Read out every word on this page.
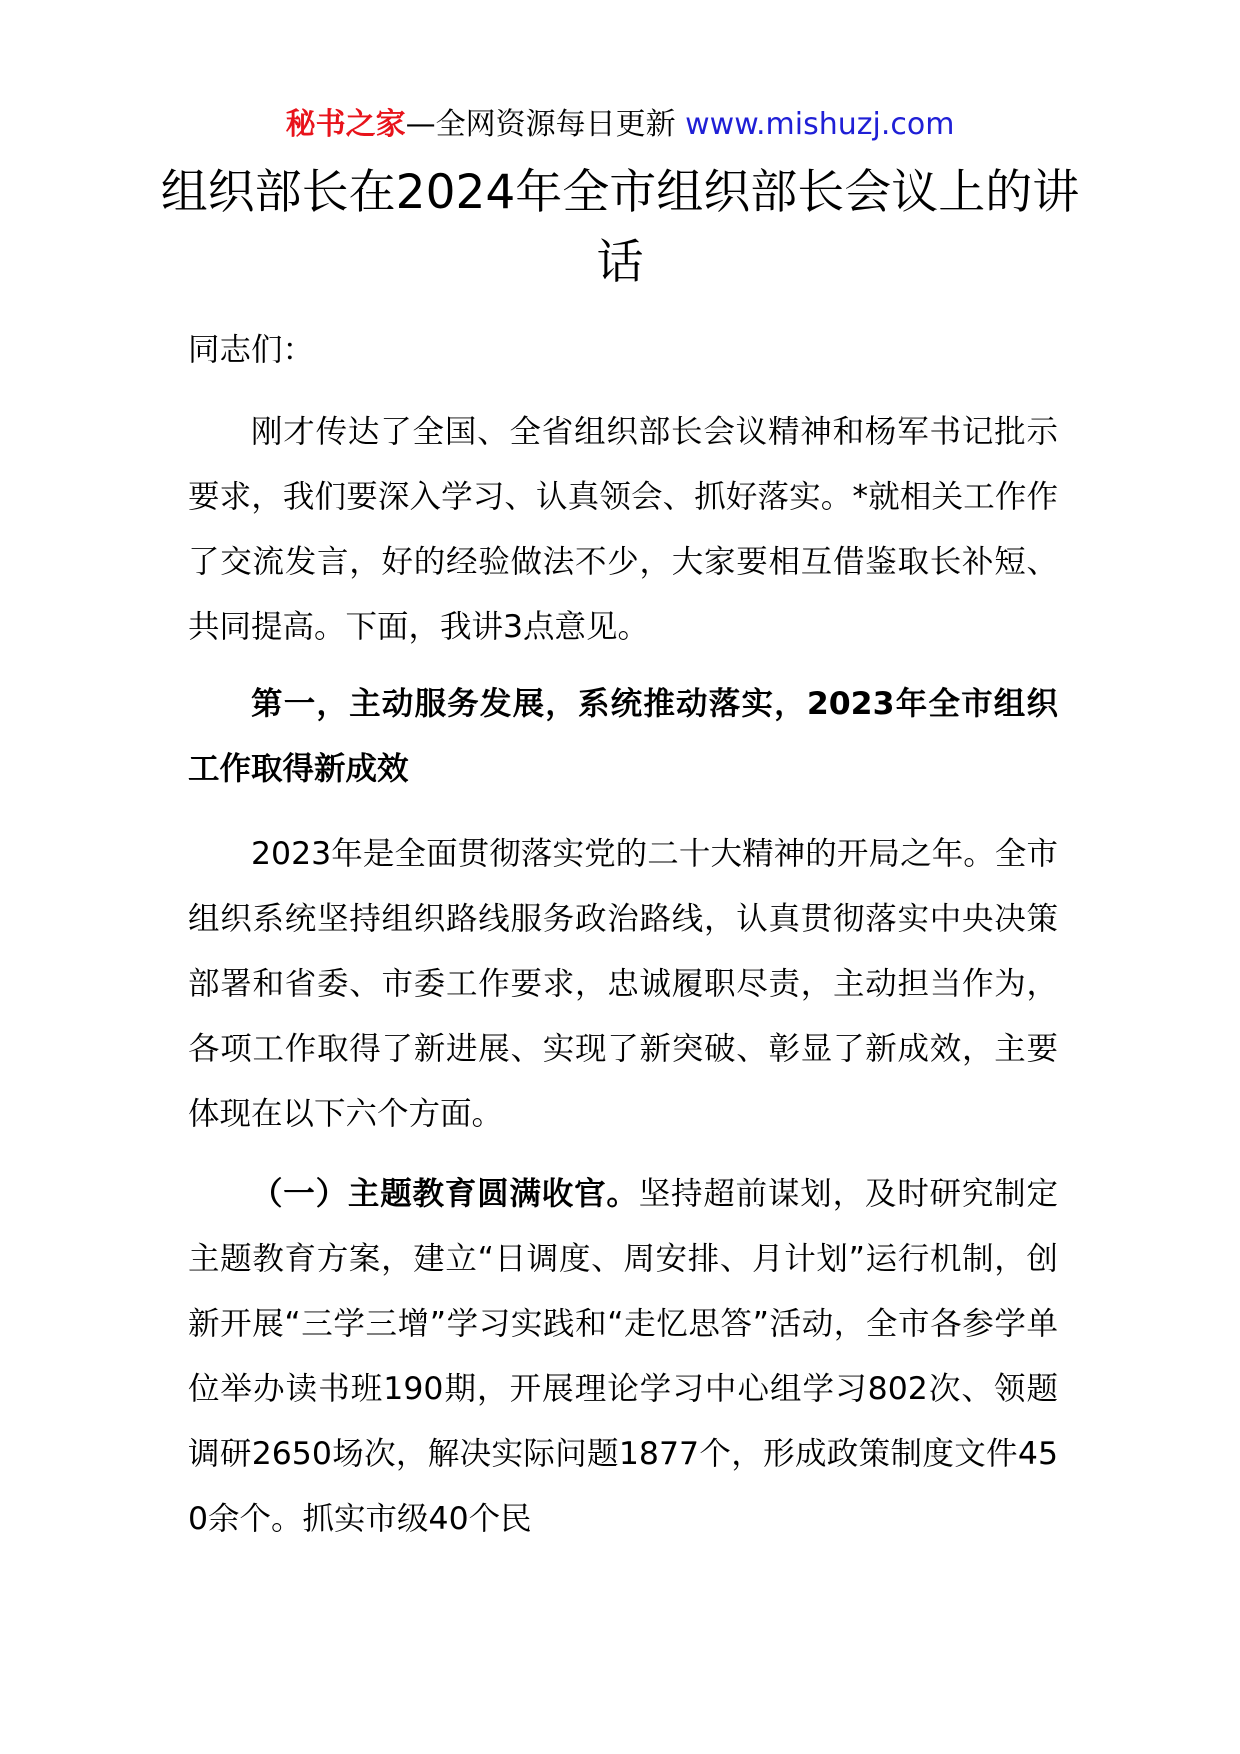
秘书之家—全网资源每日更新 www.mishuzj.com
组织部长在2024年全市组织部长会议上的讲话

同志们：

刚才传达了全国、全省组织部长会议精神和杨军书记批示要求，我们要深入学习、认真领会、抓好落实。*就相关工作作了交流发言，好的经验做法不少，大家要相互借鉴取长补短、共同提高。下面，我讲3点意见。

第一，主动服务发展，系统推动落实，2023年全市组织工作取得新成效

2023年是全面贯彻落实党的二十大精神的开局之年。全市组织系统坚持组织路线服务政治路线，认真贯彻落实中央决策部署和省委、市委工作要求，忠诚履职尽责，主动担当作为，各项工作取得了新进展、实现了新突破、彰显了新成效，主要体现在以下六个方面。

（一）主题教育圆满收官。坚持超前谋划，及时研究制定主题教育方案，建立“日调度、周安排、月计划”运行机制，创新开展“三学三增”学习实践和“走忆思答”活动，全市各参学单位举办读书班190期，开展理论学习中心组学习802次、领题调研2650场次，解决实际问题1877个，形成政策制度文件450余个。抓实市级40个民
